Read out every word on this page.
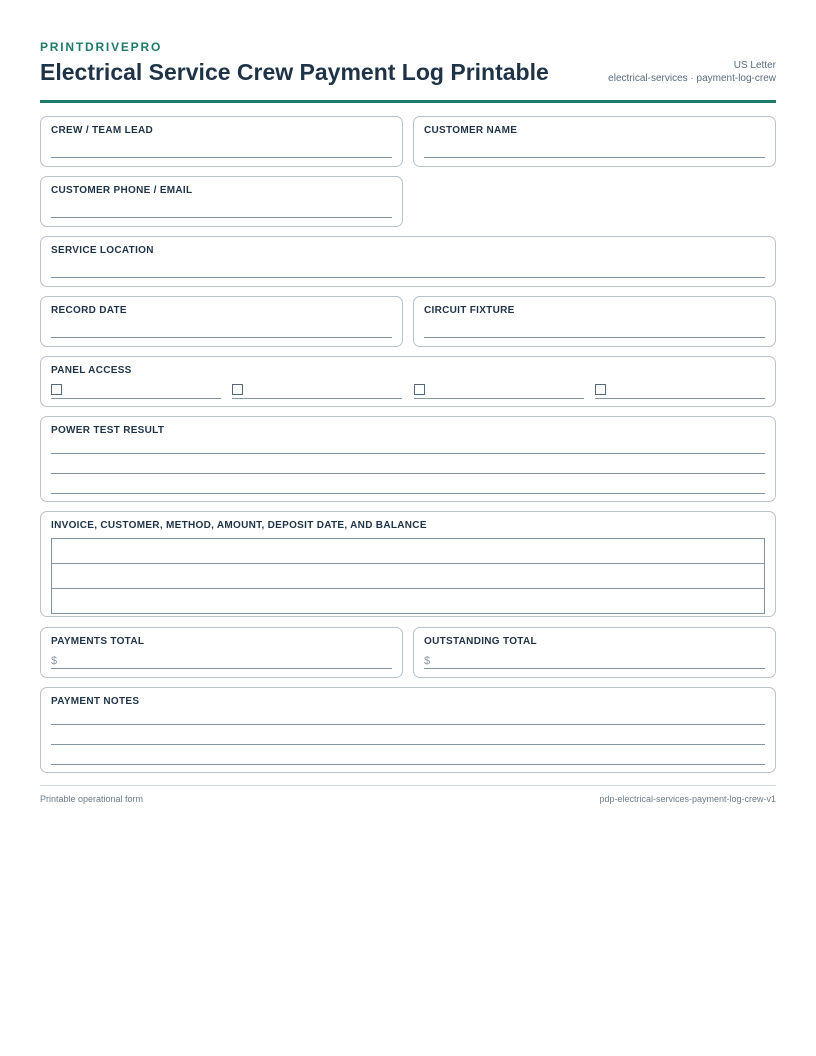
PRINTDRIVEPRO
Electrical Service Crew Payment Log Printable	US Letter
electrical-services · payment-log-crew
CREW / TEAM LEAD	CUSTOMER NAME
CUSTOMER PHONE / EMAIL
SERVICE LOCATION
RECORD DATE	CIRCUIT FIXTURE
PANEL ACCESS
POWER TEST RESULT
INVOICE, CUSTOMER, METHOD, AMOUNT, DEPOSIT DATE, AND BALANCE

PAYMENTS TOTAL
$
OUTSTANDING TOTAL
$
PAYMENT NOTES
Printable operational form	pdp-electrical-services-payment-log-crew-v1
